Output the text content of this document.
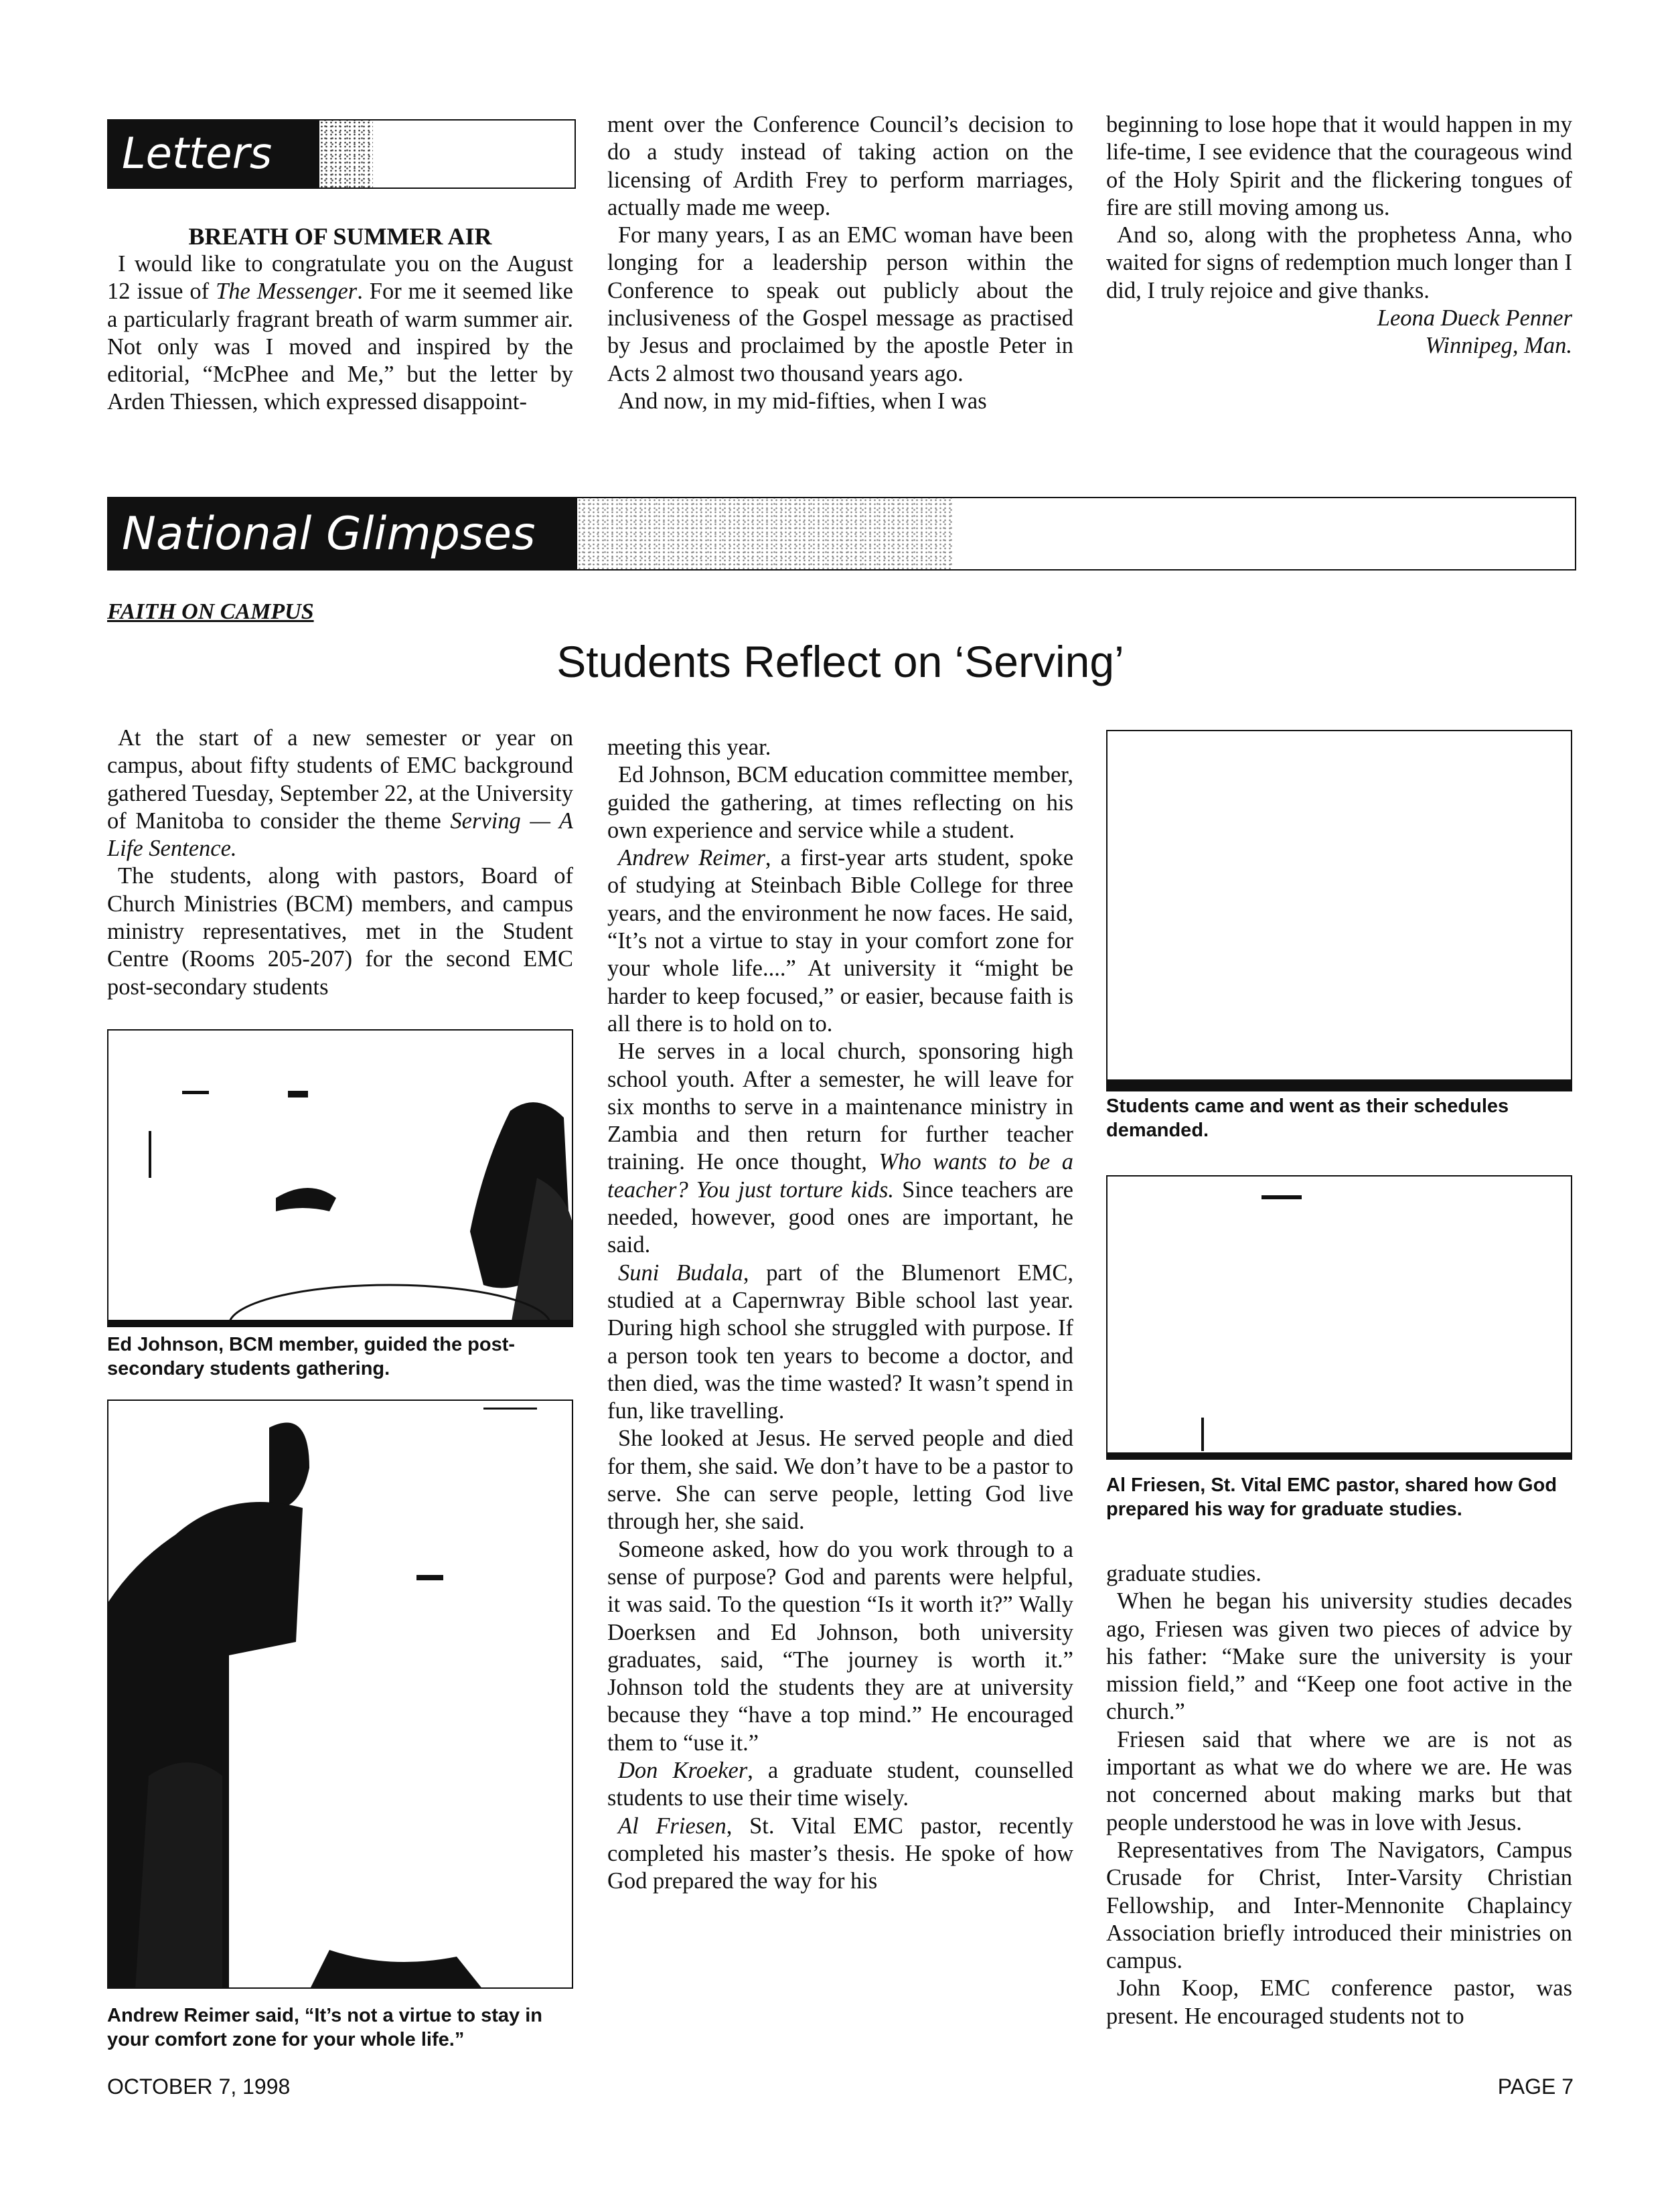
Letters
BREATH OF SUMMER AIR

I would like to congratulate you on the August 12 issue of The Messenger. For me it seemed like a particularly fragrant breath of warm summer air. Not only was I moved and inspired by the editorial, “McPhee and Me,” but the letter by Arden Thiessen, which expressed disappoint-

ment over the Conference Council’s decision to do a study instead of taking action on the licensing of Ardith Frey to perform marriages, actually made me weep.

For many years, I as an EMC woman have been longing for a leadership person within the Conference to speak out publicly about the inclusiveness of the Gospel message as practised by Jesus and proclaimed by the apostle Peter in Acts 2 almost two thousand years ago.

And now, in my mid-fifties, when I was

beginning to lose hope that it would happen in my life-time, I see evidence that the courageous wind of the Holy Spirit and the flickering tongues of fire are still moving among us.

And so, along with the prophetess Anna, who waited for signs of redemption much longer than I did, I truly rejoice and give thanks.

Leona Dueck Penner
Winnipeg, Man.
National Glimpses
FAITH ON CAMPUS
Students Reflect on ‘Serving’

At the start of a new semester or year on campus, about fifty students of EMC background gathered Tuesday, September 22, at the University of Manitoba to consider the theme Serving — A Life Sentence.

The students, along with pastors, Board of Church Ministries (BCM) members, and campus ministry representatives, met in the Student Centre (Rooms 205-207) for the second EMC post-secondary students

Ed Johnson, BCM member, guided the post-secondary students gathering.
Andrew Reimer said, “It’s not a virtue to stay in your comfort zone for your whole life.”

meeting this year.

Ed Johnson, BCM education committee member, guided the gathering, at times reflecting on his own experience and service while a student.

Andrew Reimer, a first-year arts student, spoke of studying at Steinbach Bible College for three years, and the environment he now faces. He said, “It’s not a virtue to stay in your comfort zone for your whole life....” At university it “might be harder to keep focused,” or easier, because faith is all there is to hold on to.

He serves in a local church, sponsoring high school youth. After a semester, he will leave for six months to serve in a maintenance ministry in Zambia and then return for further teacher training. He once thought, Who wants to be a teacher? You just torture kids. Since teachers are needed, however, good ones are important, he said.

Suni Budala, part of the Blumenort EMC, studied at a Capernwray Bible school last year. During high school she struggled with purpose. If a person took ten years to become a doctor, and then died, was the time wasted? It wasn’t spend in fun, like travelling.

She looked at Jesus. He served people and died for them, she said. We don’t have to be a pastor to serve. She can serve people, letting God live through her, she said.

Someone asked, how do you work through to a sense of purpose? God and parents were helpful, it was said. To the question “Is it worth it?” Wally Doerksen and Ed Johnson, both university graduates, said, “The journey is worth it.” Johnson told the students they are at university because they “have a top mind.” He encouraged them to “use it.”

Don Kroeker, a graduate student, counselled students to use their time wisely.

Al Friesen, St. Vital EMC pastor, recently completed his master’s thesis. He spoke of how God prepared the way for his

Students came and went as their schedules demanded.
Al Friesen, St. Vital EMC pastor, shared how God prepared his way for graduate studies.

graduate studies.

When he began his university studies decades ago, Friesen was given two pieces of advice by his father: “Make sure the university is your mission field,” and “Keep one foot active in the church.”

Friesen said that where we are is not as important as what we do where we are. He was not concerned about making marks but that people understood he was in love with Jesus.

Representatives from The Navigators, Campus Crusade for Christ, Inter-Varsity Christian Fellowship, and Inter-Mennonite Chaplaincy Association briefly introduced their ministries on campus.

John Koop, EMC conference pastor, was present. He encouraged students not to

OCTOBER 7, 1998	PAGE 7
